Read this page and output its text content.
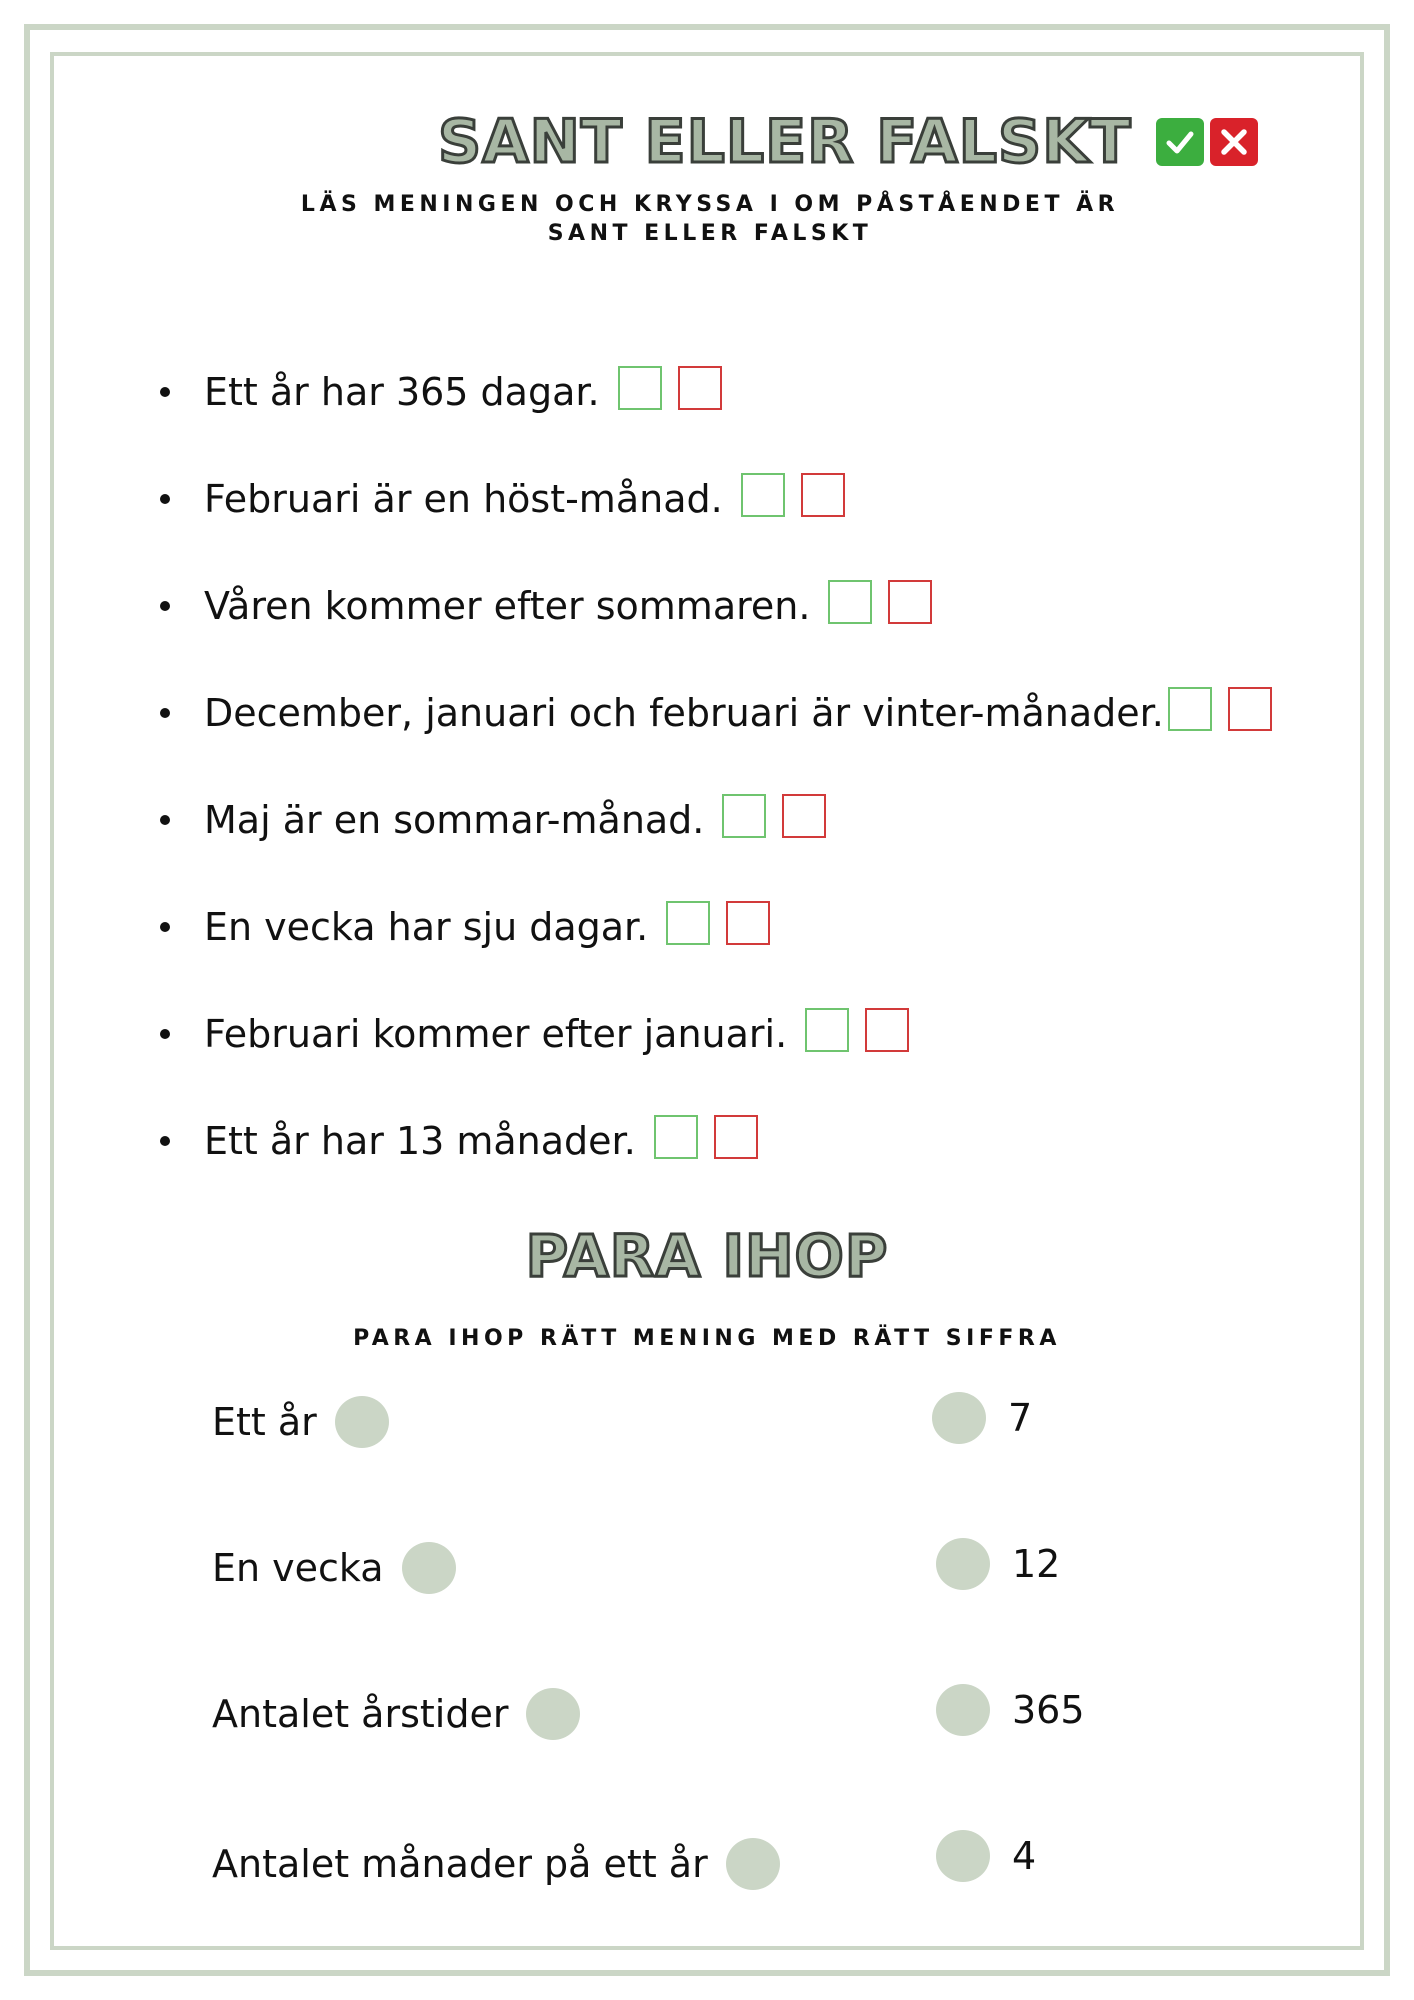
SANT ELLER FALSKT
LÄS MENINGEN OCH KRYSSA I OM PÅSTÅENDET ÄR SANT ELLER FALSKT
Ett år har 365 dagar.
Februari är en höst-månad.
Våren kommer efter sommaren.
December, januari och februari är vinter-månader.
Maj är en sommar-månad.
En vecka har sju dagar.
Februari kommer efter januari.
Ett år har 13 månader.
PARA IHOP
PARA IHOP RÄTT MENING MED RÄTT SIFFRA
Ett år
En vecka
Antalet årstider
Antalet månader på ett år
7
12
365
4
